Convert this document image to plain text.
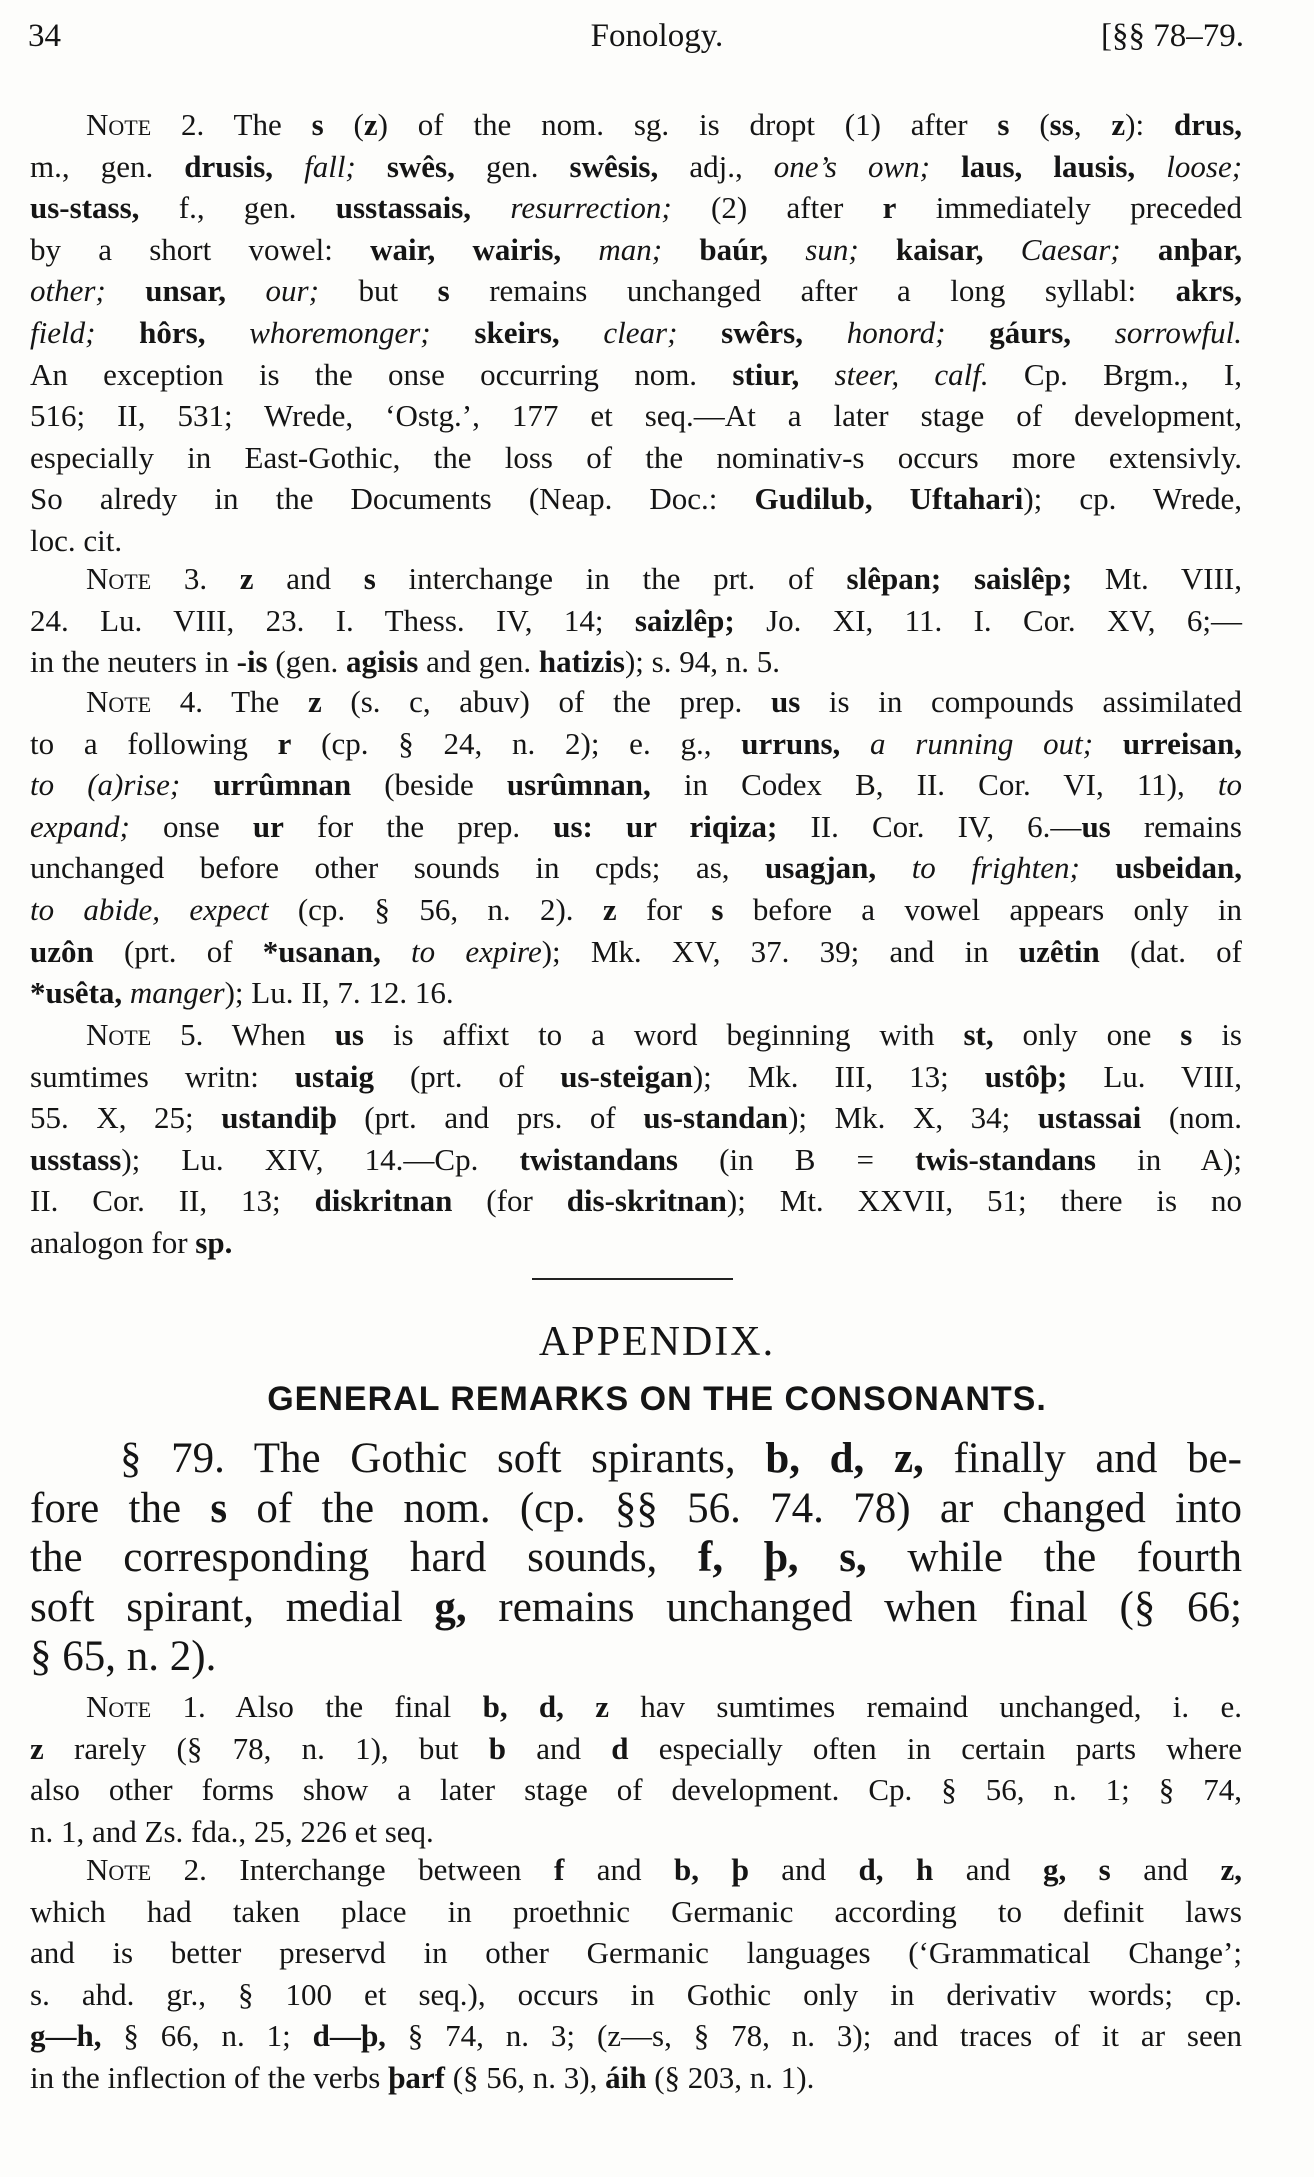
34	Fonology.	[§§ 78–79.
Note 2. The s (z) of the nom. sg. is dropt (1) after s (ss, z): drus,
m., gen. drusis, fall; swês, gen. swêsis, adj., one’s own; laus, lausis, loose;
us-stass, f., gen. usstassais, resurrection; (2) after r immediately preceded
by a short vowel: wair, wairis, man; baúr, sun; kaisar, Caesar; anþar,
other; unsar, our; but s remains unchanged after a long syllabl: akrs,
field; hôrs, whoremonger; skeirs, clear; swêrs, honord; gáurs, sorrowful.
An exception is the onse occurring nom. stiur, steer, calf. Cp. Brgm., I,
516; II, 531; Wrede, ‘Ostg.’, 177 et seq.—At a later stage of development,
especially in East-Gothic, the loss of the nominativ-s occurs more extensivly.
So alredy in the Documents (Neap. Doc.: Gudilub, Uftahari); cp. Wrede,
loc. cit.
Note 3. z and s interchange in the prt. of slêpan; saislêp; Mt. VIII,
24. Lu. VIII, 23. I. Thess. IV, 14; saizlêp; Jo. XI, 11. I. Cor. XV, 6;—
in the neuters in -is (gen. agisis and gen. hatizis); s. 94, n. 5.
Note 4. The z (s. c, abuv) of the prep. us is in compounds assimilated
to a following r (cp. § 24, n. 2); e. g., urruns, a running out; urreisan,
to (a)rise; urrûmnan (beside usrûmnan, in Codex B, II. Cor. VI, 11), to
expand; onse ur for the prep. us: ur riqiza; II. Cor. IV, 6.—us remains
unchanged before other sounds in cpds; as, usagjan, to frighten; usbeidan,
to abide, expect (cp. § 56, n. 2). z for s before a vowel appears only in
uzôn (prt. of *usanan, to expire); Mk. XV, 37. 39; and in uzêtin (dat. of
*usêta, manger); Lu. II, 7. 12. 16.
Note 5. When us is affixt to a word beginning with st, only one s is
sumtimes writn: ustaig (prt. of us-steigan); Mk. III, 13; ustôþ; Lu. VIII,
55. X, 25; ustandiþ (prt. and prs. of us-standan); Mk. X, 34; ustassai (nom.
usstass); Lu. XIV, 14.—Cp. twistandans (in B = twis-standans in A);
II. Cor. II, 13; diskritnan (for dis-skritnan); Mt. XXVII, 51; there is no
analogon for sp.
APPENDIX.
GENERAL REMARKS ON THE CONSONANTS.
§ 79. The Gothic soft spirants, b, d, z, finally and be-
fore the s of the nom. (cp. §§ 56. 74. 78) ar changed into
the corresponding hard sounds, f, þ, s, while the fourth
soft spirant, medial g, remains unchanged when final (§ 66;
§ 65, n. 2).
Note 1. Also the final b, d, z hav sumtimes remaind unchanged, i. e.
z rarely (§ 78, n. 1), but b and d especially often in certain parts where
also other forms show a later stage of development. Cp. § 56, n. 1; § 74,
n. 1, and Zs. fda., 25, 226 et seq.
Note 2. Interchange between f and b, þ and d, h and g, s and z,
which had taken place in proethnic Germanic according to definit laws
and is better preservd in other Germanic languages (‘Grammatical Change’;
s. ahd. gr., § 100 et seq.), occurs in Gothic only in derivativ words; cp.
g—h, § 66, n. 1; d—þ, § 74, n. 3; (z—s, § 78, n. 3); and traces of it ar seen
in the inflection of the verbs þarf (§ 56, n. 3), áih (§ 203, n. 1).
